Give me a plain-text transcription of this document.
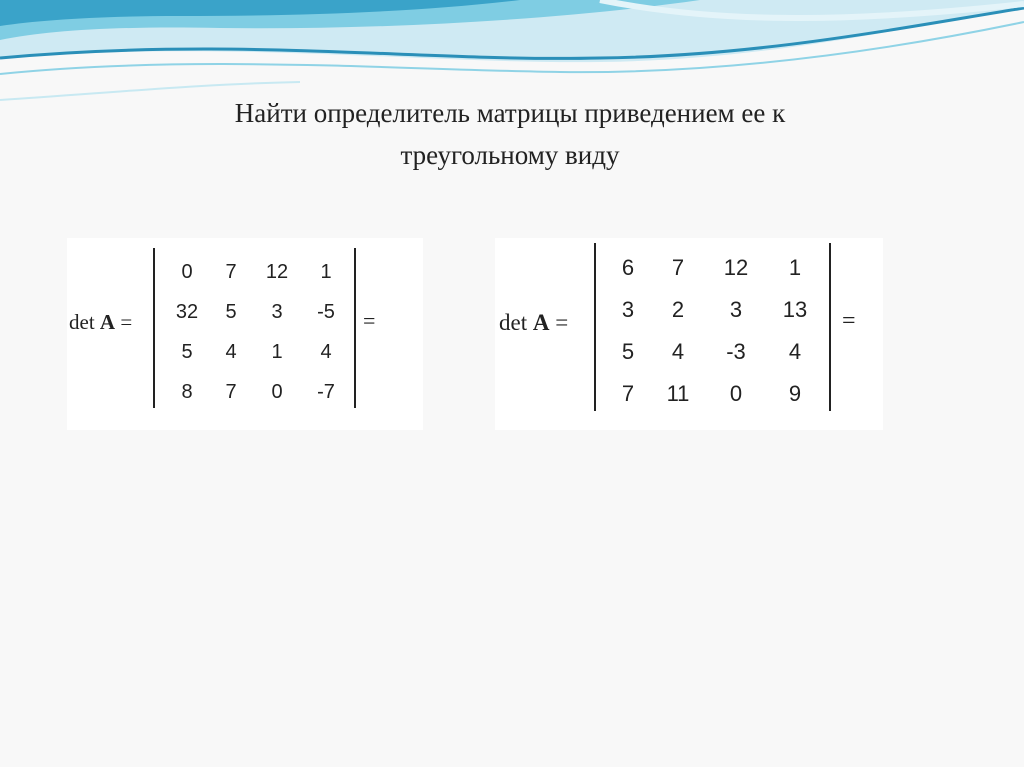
Найти определитель матрицы приведением ее к
треугольному виду
det A =
0	7	12	1
32	5	3	-5
5	4	1	4
8	7	0	-7
=	det A =
6	7	12	1
3	2	3	13
5	4	-3	4
7	11	0	9
=
